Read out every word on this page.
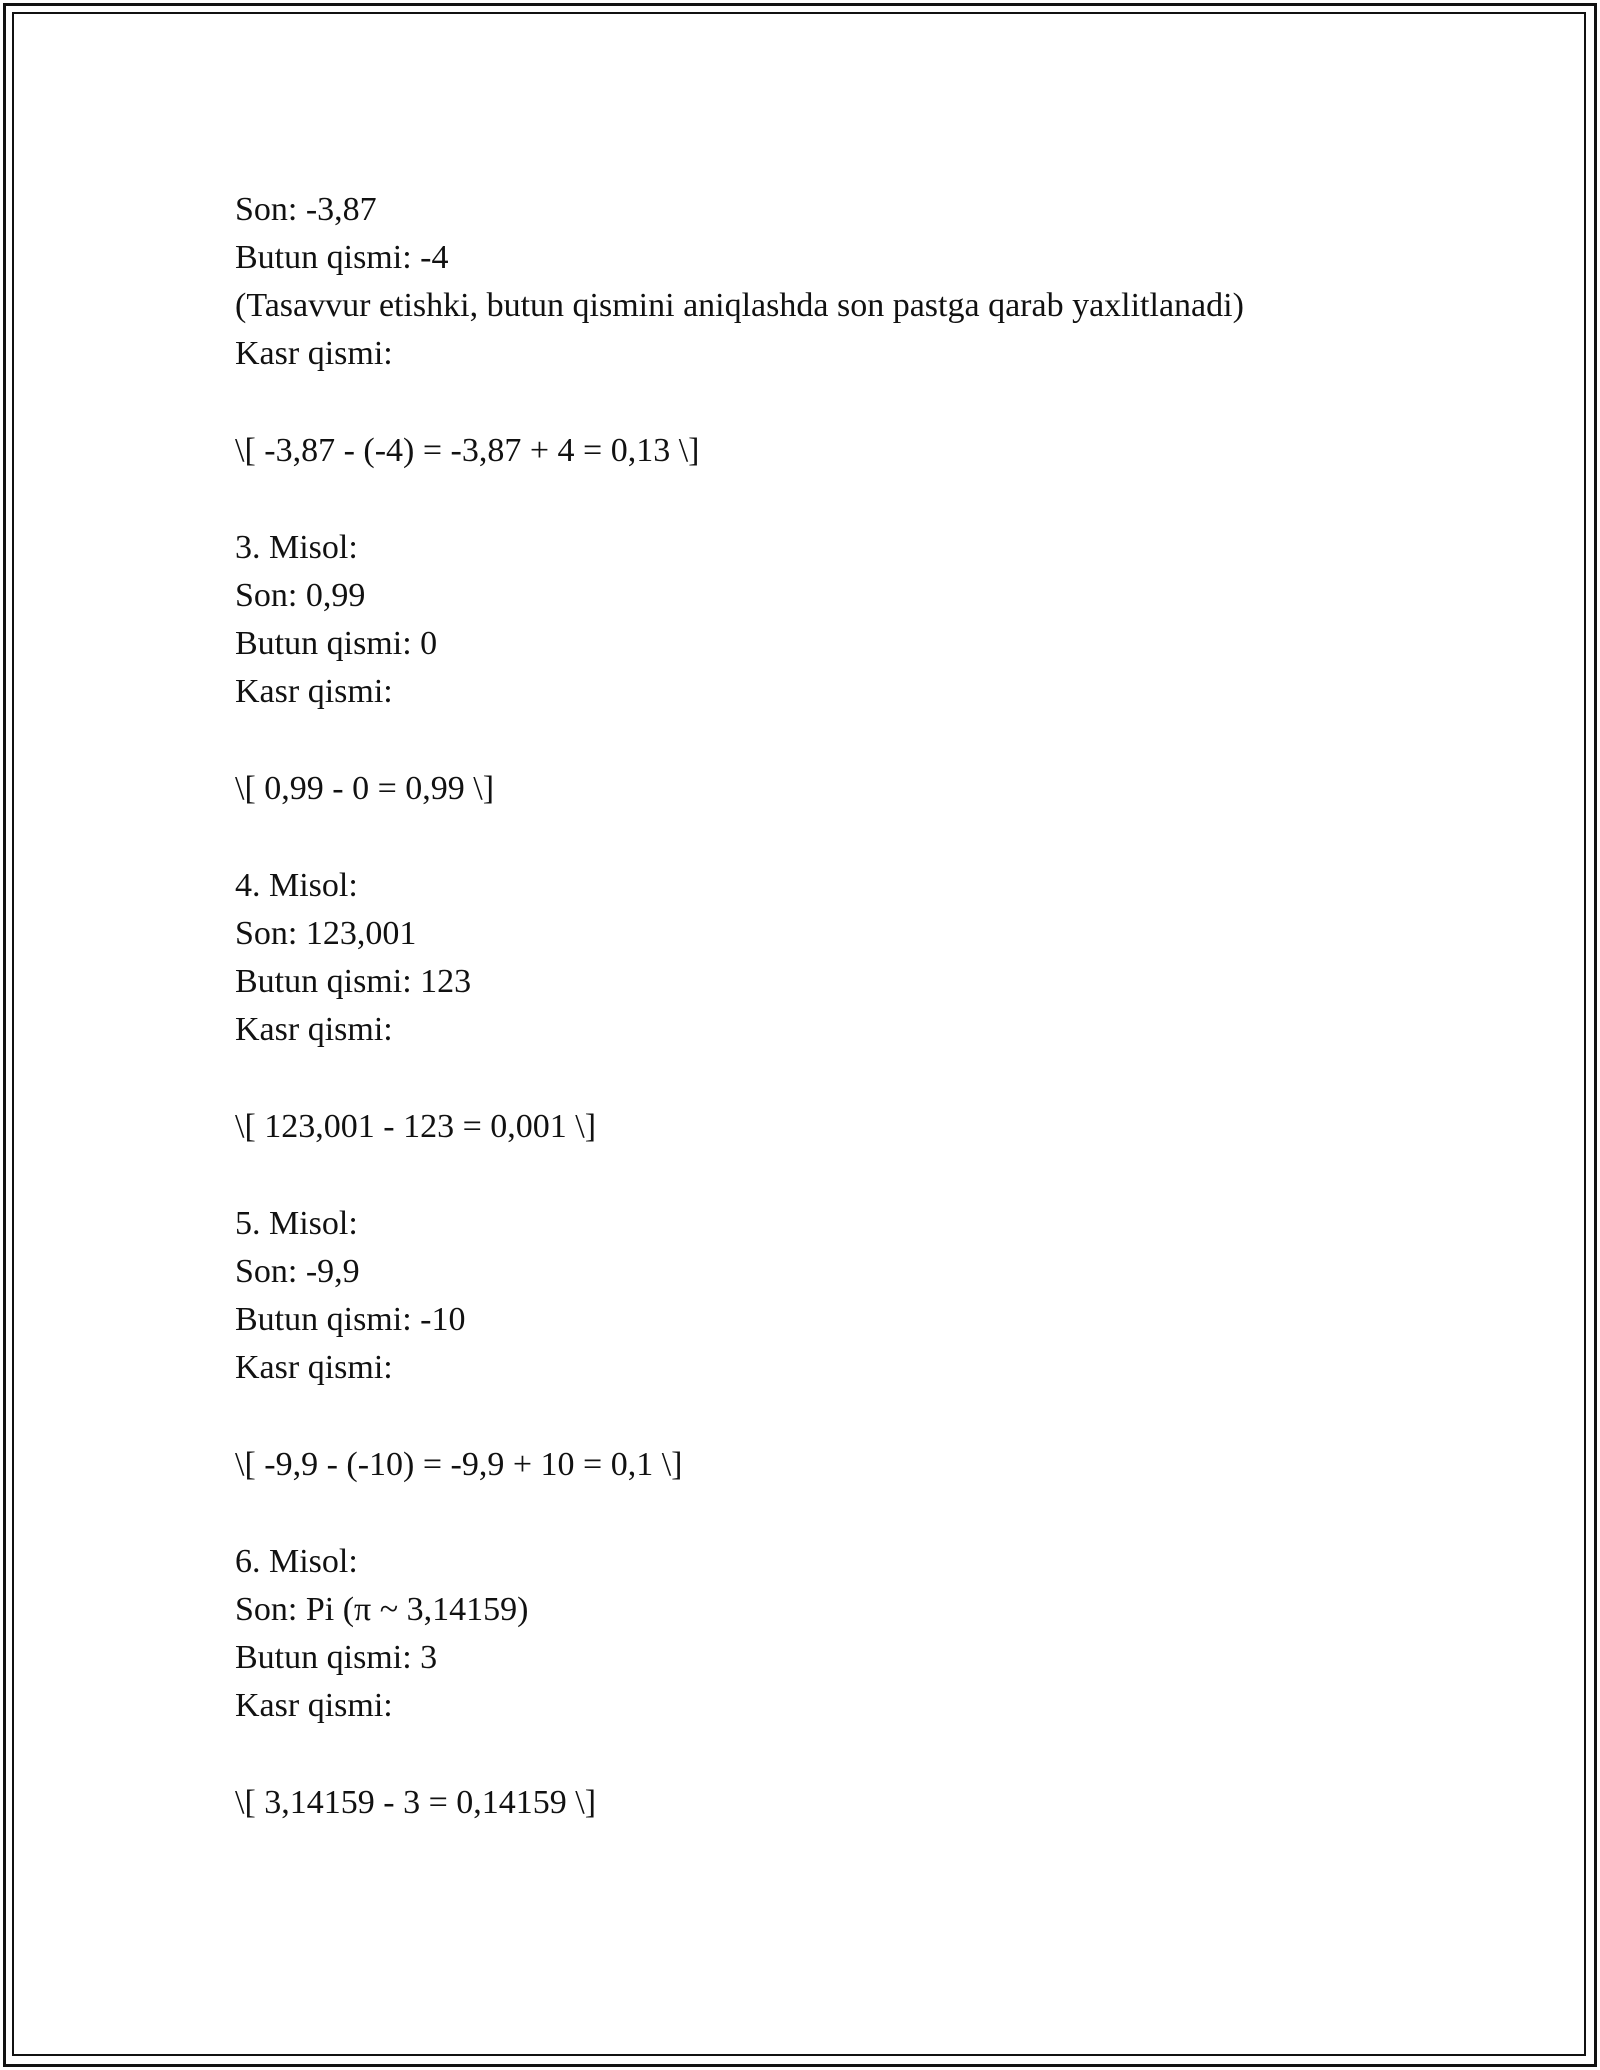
Son: -3,87
Butun qismi: -4
(Tasavvur etishki, butun qismini aniqlashda son pastga qarab yaxlitlanadi)
Kasr qismi:
\[ -3,87 - (-4) = -3,87 + 4 = 0,13 \]
3. Misol:
Son: 0,99
Butun qismi: 0
Kasr qismi:
\[ 0,99 - 0 = 0,99 \]
4. Misol:
Son: 123,001
Butun qismi: 123
Kasr qismi:
\[ 123,001 - 123 = 0,001 \]
5. Misol:
Son: -9,9
Butun qismi: -10
Kasr qismi:
\[ -9,9 - (-10) = -9,9 + 10 = 0,1 \]
6. Misol:
Son: Pi (π ~ 3,14159)
Butun qismi: 3
Kasr qismi:
\[ 3,14159 - 3 = 0,14159 \]
